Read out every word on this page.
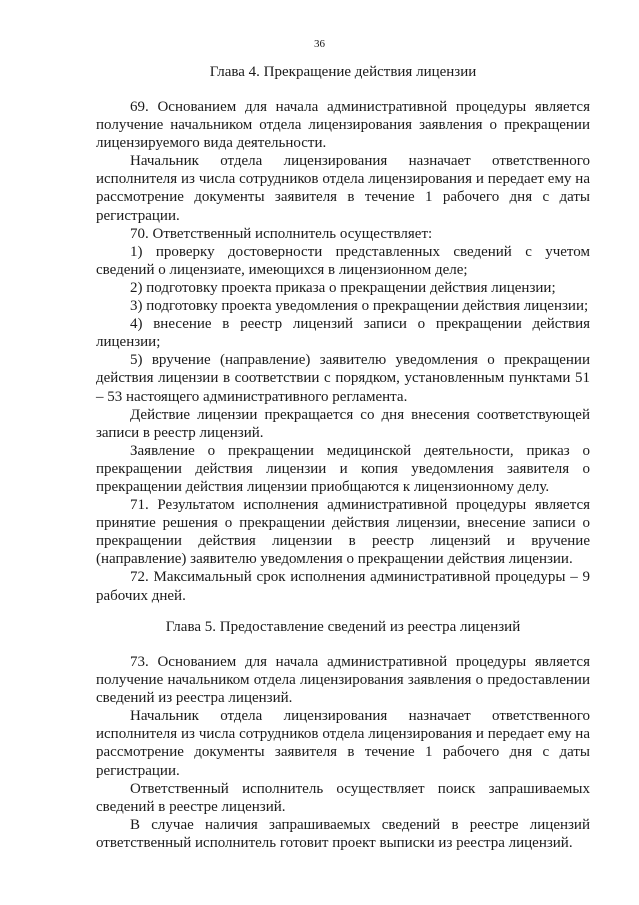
36
Глава 4. Прекращение действия лицензии

69. Основанием для начала административной процедуры является получение начальником отдела лицензирования заявления о прекращении лицензируемого вида деятельности.

Начальник отдела лицензирования назначает ответственного исполнителя из числа сотрудников отдела лицензирования и передает ему на рассмотрение документы заявителя в течение 1 рабочего дня с даты регистрации.

70. Ответственный исполнитель осуществляет:

1) проверку достоверности представленных сведений с учетом сведений о лицензиате, имеющихся в лицензионном деле;

2) подготовку проекта приказа о прекращении действия лицензии;

3) подготовку проекта уведомления о прекращении действия лицензии;

4) внесение в реестр лицензий записи о прекращении действия лицензии;

5) вручение (направление) заявителю уведомления о прекращении действия лицензии в соответствии с порядком, установленным пунктами 51 – 53 настоящего административного регламента.

Действие лицензии прекращается со дня внесения соответствующей записи в реестр лицензий.

Заявление о прекращении медицинской деятельности, приказ о прекращении действия лицензии и копия уведомления заявителя о прекращении действия лицензии приобщаются к лицензионному делу.

71. Результатом исполнения административной процедуры является принятие решения о прекращении действия лицензии, внесение записи о прекращении действия лицензии в реестр лицензий и вручение (направление) заявителю уведомления о прекращении действия лицензии.

72. Максимальный срок исполнения административной процедуры – 9 рабочих дней.

Глава 5. Предоставление сведений из реестра лицензий

73. Основанием для начала административной процедуры является получение начальником отдела лицензирования заявления о предоставлении сведений из реестра лицензий.

Начальник отдела лицензирования назначает ответственного исполнителя из числа сотрудников отдела лицензирования и передает ему на рассмотрение документы заявителя в течение 1 рабочего дня с даты регистрации.

Ответственный исполнитель осуществляет поиск запрашиваемых сведений в реестре лицензий.

В случае наличия запрашиваемых сведений в реестре лицензий ответственный исполнитель готовит проект выписки из реестра лицензий.
